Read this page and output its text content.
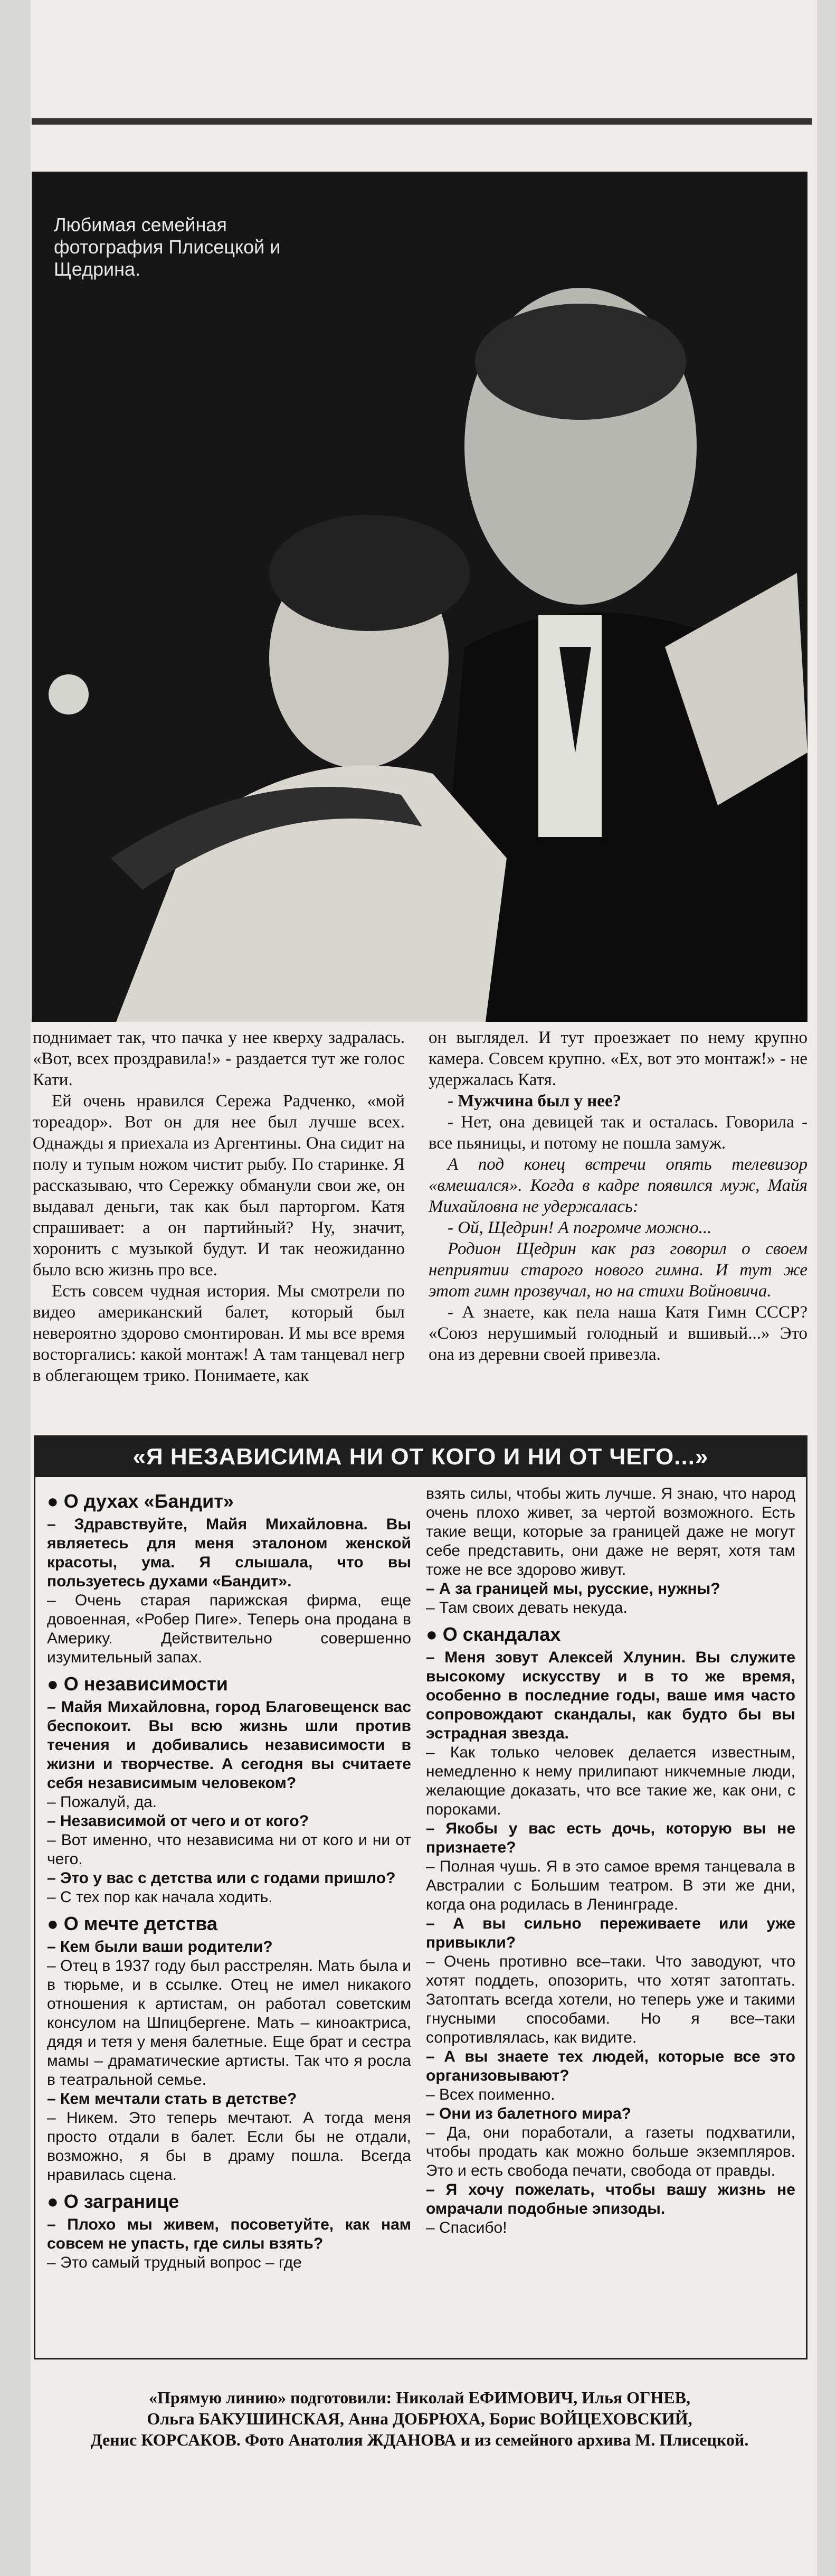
Любимая семейная фотография Плисецкой и Щедрина.

поднимает так, что пачка у нее кверху задралась. «Вот, всех проздравила!» - раздается тут же голос Кати.

Ей очень нравился Сережа Радченко, «мой тореадор». Вот он для нее был лучше всех. Однажды я приехала из Аргентины. Она сидит на полу и тупым ножом чистит рыбу. По старинке. Я рассказываю, что Сережку обманули свои же, он выдавал деньги, так как был парторгом. Катя спрашивает: а он партийный? Ну, значит, хоронить с музыкой будут. И так неожиданно было всю жизнь про все.

Есть совсем чудная история. Мы смотрели по видео американский балет, который был невероятно здорово смонтирован. И мы все время восторгались: какой монтаж! А там танцевал негр в облегающем трико. Понимаете, как

он выглядел. И тут проезжает по нему крупно камера. Совсем крупно. «Ех, вот это монтаж!» - не удержалась Катя.

- Мужчина был у нее?

- Нет, она девицей так и осталась. Говорила - все пьяницы, и потому не пошла замуж.

А под конец встречи опять телевизор «вмешался». Когда в кадре появился муж, Майя Михайловна не удержалась:

- Ой, Щедрин! А погромче можно...

Родион Щедрин как раз говорил о своем неприятии старого нового гимна. И тут же этот гимн прозвучал, но на стихи Войновича.

- А знаете, как пела наша Катя Гимн СССР? «Союз нерушимый голодный и вшивый...» Это она из деревни своей привезла.

«Я НЕЗАВИСИМА НИ ОТ КОГО И НИ ОТ ЧЕГО...»
● О духах «Бандит»

– Здравствуйте, Майя Михайловна. Вы являетесь для меня эталоном женской красоты, ума. Я слышала, что вы пользуетесь духами «Бандит».

– Очень старая парижская фирма, еще довоенная, «Робер Пиге». Теперь она продана в Америку. Действительно совершенно изумительный запах.

● О независимости

– Майя Михайловна, город Благовещенск вас беспокоит. Вы всю жизнь шли против течения и добивались независимости в жизни и творчестве. А сегодня вы считаете себя независимым человеком?

– Пожалуй, да.

– Независимой от чего и от кого?

– Вот именно, что независима ни от кого и ни от чего.

– Это у вас с детства или с годами пришло?

– С тех пор как начала ходить.

● О мечте детства

– Кем были ваши родители?

– Отец в 1937 году был расстрелян. Мать была и в тюрьме, и в ссылке. Отец не имел никакого отношения к артистам, он работал советским консулом на Шпицбергене. Мать – киноактриса, дядя и тетя у меня балетные. Еще брат и сестра мамы – драматические артисты. Так что я росла в театральной семье.

– Кем мечтали стать в детстве?

– Никем. Это теперь мечтают. А тогда меня просто отдали в балет. Если бы не отдали, возможно, я бы в драму пошла. Всегда нравилась сцена.

● О загранице

– Плохо мы живем, посоветуйте, как нам совсем не упасть, где силы взять?

– Это самый трудный вопрос – где

взять силы, чтобы жить лучше. Я знаю, что народ очень плохо живет, за чертой возможного. Есть такие вещи, которые за границей даже не могут себе представить, они даже не верят, хотя там тоже не все здорово живут.

– А за границей мы, русские, нужны?

– Там своих девать некуда.

● О скандалах

– Меня зовут Алексей Хлунин. Вы служите высокому искусству и в то же время, особенно в последние годы, ваше имя часто сопровождают скандалы, как будто бы вы эстрадная звезда.

– Как только человек делается известным, немедленно к нему прилипают никчемные люди, желающие доказать, что все такие же, как они, с пороками.

– Якобы у вас есть дочь, которую вы не признаете?

– Полная чушь. Я в это самое время танцевала в Австралии с Большим театром. В эти же дни, когда она родилась в Ленинграде.

– А вы сильно переживаете или уже привыкли?

– Очень противно все–таки. Что заводуют, что хотят поддеть, опозорить, что хотят затоптать. Затоптать всегда хотели, но теперь уже и такими гнусными способами. Но я все–таки сопротивлялась, как видите.

– А вы знаете тех людей, которые все это организовывают?

– Всех поименно.

– Они из балетного мира?

– Да, они поработали, а газеты подхватили, чтобы продать как можно больше экземпляров. Это и есть свобода печати, свобода от правды.

– Я хочу пожелать, чтобы вашу жизнь не омрачали подобные эпизоды.

– Спасибо!

«Прямую линию» подготовили: Николай ЕФИМОВИЧ, Илья ОГНЕВ,
Ольга БАКУШИНСКАЯ, Анна ДОБРЮХА, Борис ВОЙЦЕХОВСКИЙ,
Денис КОРСАКОВ. Фото Анатолия ЖДАНОВА и из семейного архива М. Плисецкой.
